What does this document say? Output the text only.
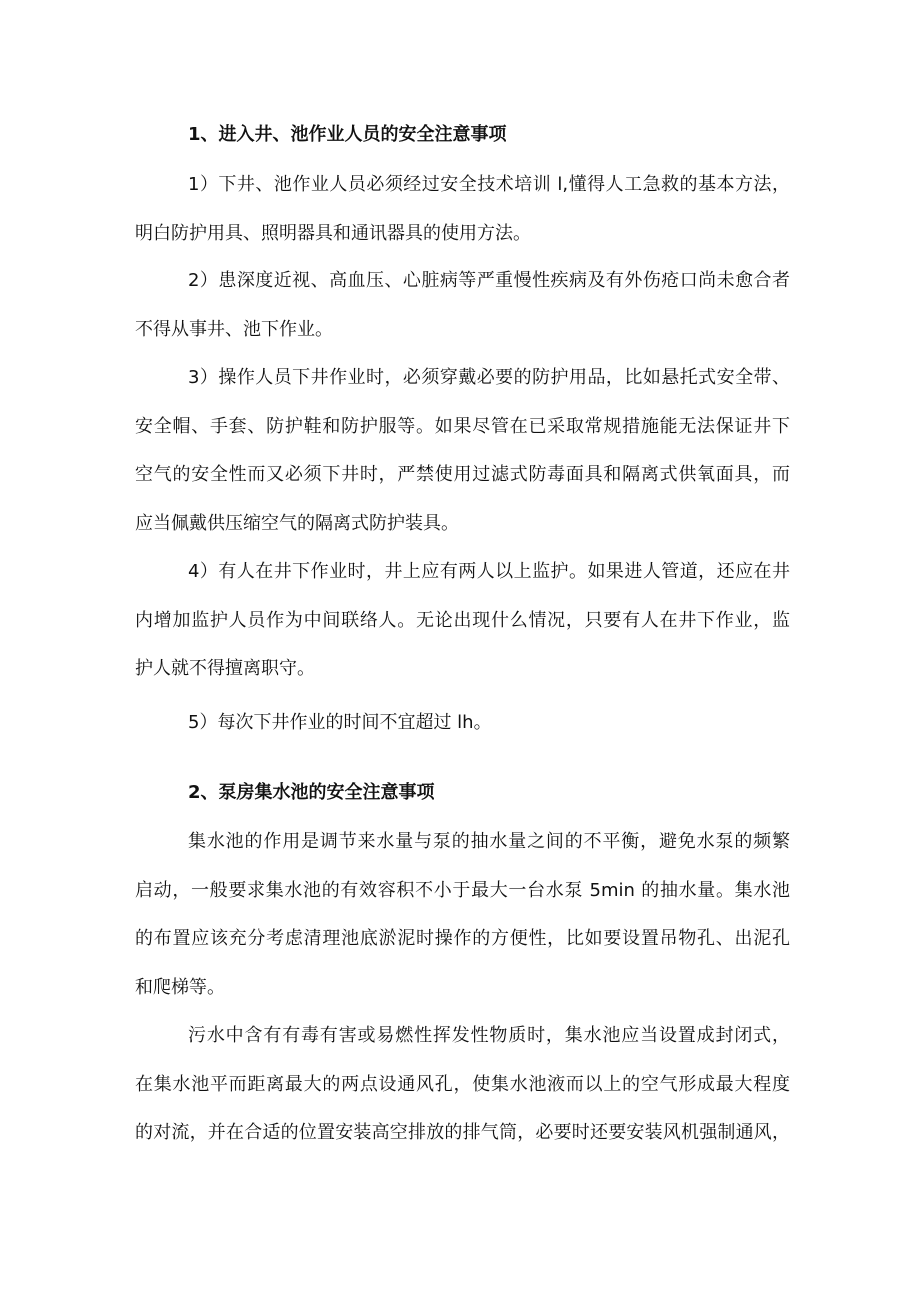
1、进入井、池作业人员的安全注意事项

1）下井、池作业人员必须经过安全技术培训 l,懂得人工急救的基本方法，

明白防护用具、照明器具和通讯器具的使用方法。

2）患深度近视、高血压、心脏病等严重慢性疾病及有外伤疮口尚未愈合者

不得从事井、池下作业。

3）操作人员下井作业时，必须穿戴必要的防护用品，比如悬托式安全带、

安全帽、手套、防护鞋和防护服等。如果尽管在已采取常规措施能无法保证井下

空气的安全性而又必须下井时，严禁使用过滤式防毒面具和隔离式供氧面具，而

应当佩戴供压缩空气的隔离式防护装具。

4）有人在井下作业时，井上应有两人以上监护。如果进人管道，还应在井

内增加监护人员作为中间联络人。无论出现什么情况，只要有人在井下作业，监

护人就不得擅离职守。

5）每次下井作业的时间不宜超过 lh。

2、泵房集水池的安全注意事项

集水池的作用是调节来水量与泵的抽水量之间的不平衡，避免水泵的频繁

启动，一般要求集水池的有效容积不小于最大一台水泵 5min 的抽水量。集水池

的布置应该充分考虑清理池底淤泥时操作的方便性，比如要设置吊物孔、出泥孔

和爬梯等。

污水中含有有毒有害或易燃性挥发性物质时，集水池应当设置成封闭式，

在集水池平而距离最大的两点设通风孔，使集水池液而以上的空气形成最大程度

的对流，并在合适的位置安装高空排放的排气筒，必要时还要安装风机强制通风，
